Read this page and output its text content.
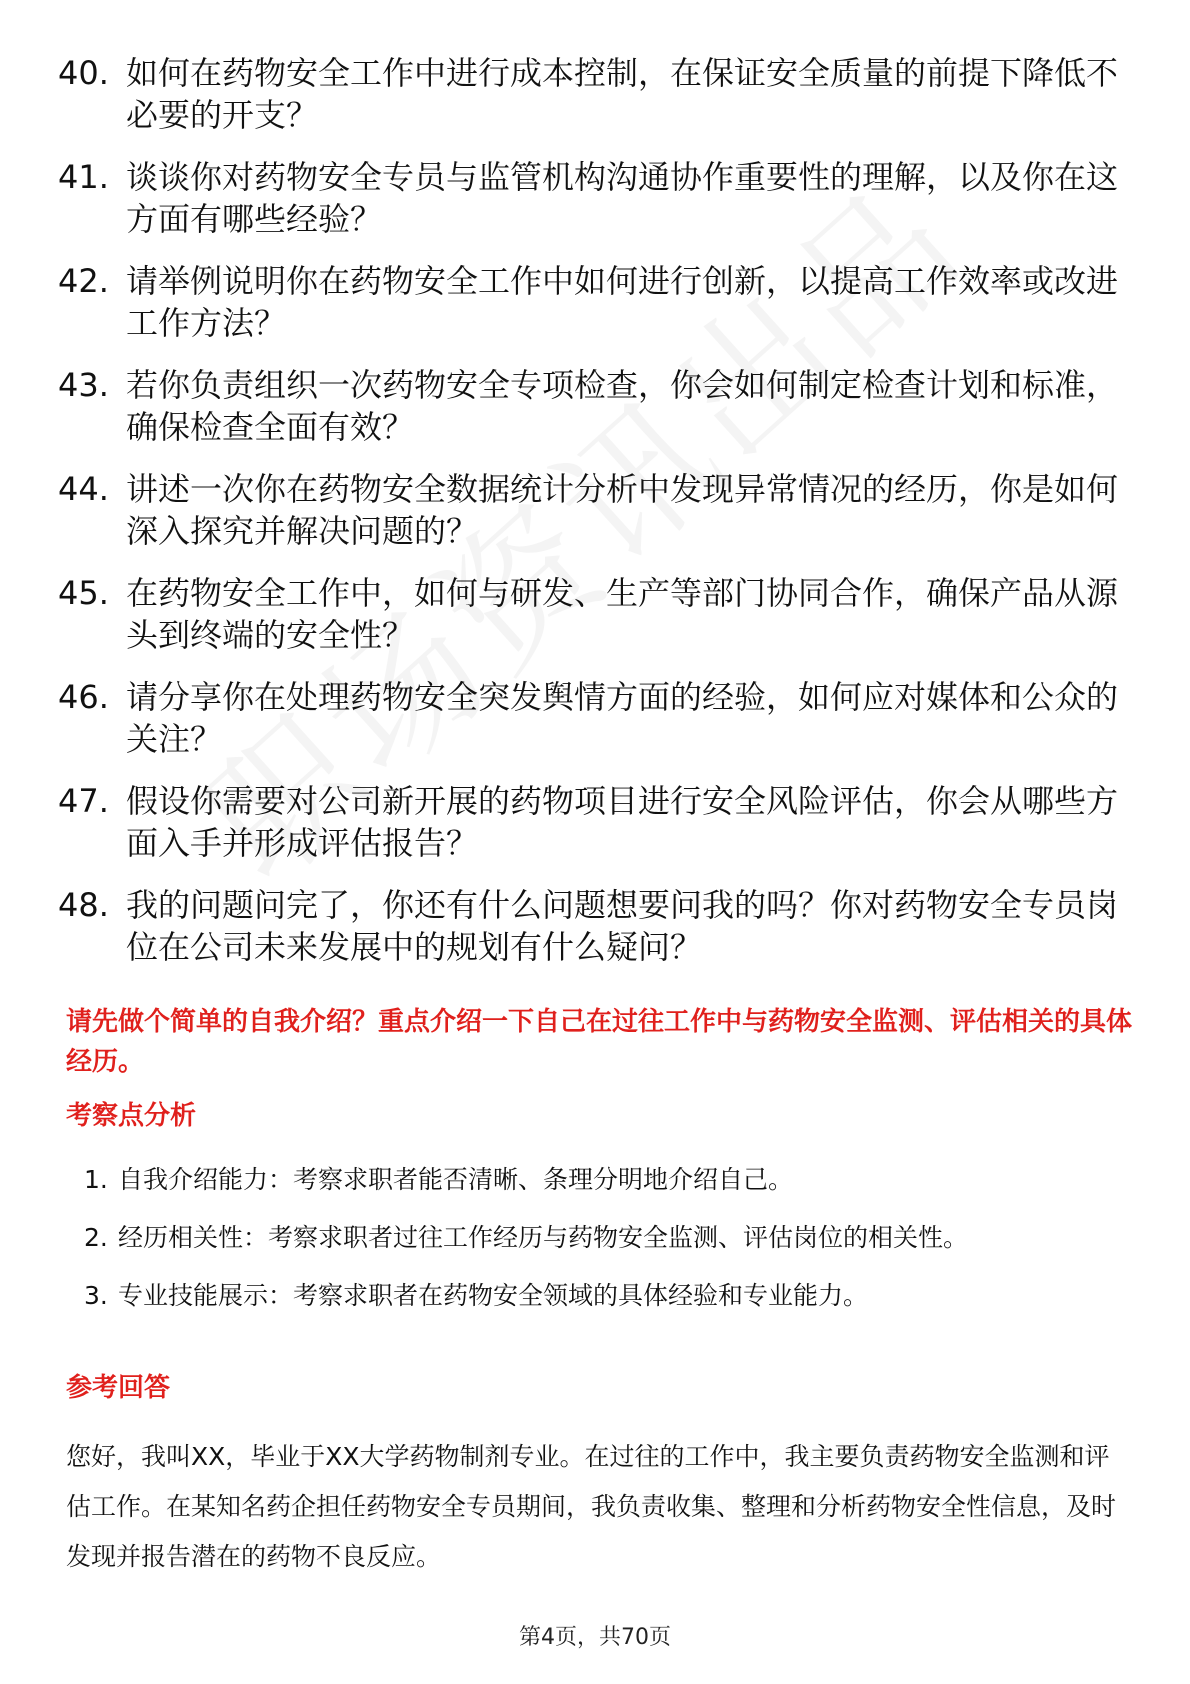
40. 如何在药物安全工作中进行成本控制，在保证安全质量的前提下降低不必要的开支？
41. 谈谈你对药物安全专员与监管机构沟通协作重要性的理解，以及你在这方面有哪些经验？
42. 请举例说明你在药物安全工作中如何进行创新，以提高工作效率或改进工作方法？
43. 若你负责组织一次药物安全专项检查，你会如何制定检查计划和标准，确保检查全面有效？
44. 讲述一次你在药物安全数据统计分析中发现异常情况的经历，你是如何深入探究并解决问题的？
45. 在药物安全工作中，如何与研发、生产等部门协同合作，确保产品从源头到终端的安全性？
46. 请分享你在处理药物安全突发舆情方面的经验，如何应对媒体和公众的关注？
47. 假设你需要对公司新开展的药物项目进行安全风险评估，你会从哪些方面入手并形成评估报告？
48. 我的问题问完了，你还有什么问题想要问我的吗？你对药物安全专员岗位在公司未来发展中的规划有什么疑问？
请先做个简单的自我介绍？重点介绍一下自己在过往工作中与药物安全监测、评估相关的具体经历。
考察点分析
1. 自我介绍能力：考察求职者能否清晰、条理分明地介绍自己。
2. 经历相关性：考察求职者过往工作经历与药物安全监测、评估岗位的相关性。
3. 专业技能展示：考察求职者在药物安全领域的具体经验和专业能力。
参考回答
您好，我叫XX，毕业于XX大学药物制剂专业。在过往的工作中，我主要负责药物安全监测和评估工作。在某知名药企担任药物安全专员期间，我负责收集、整理和分析药物安全性信息，及时发现并报告潜在的药物不良反应。
第4页，共70页
